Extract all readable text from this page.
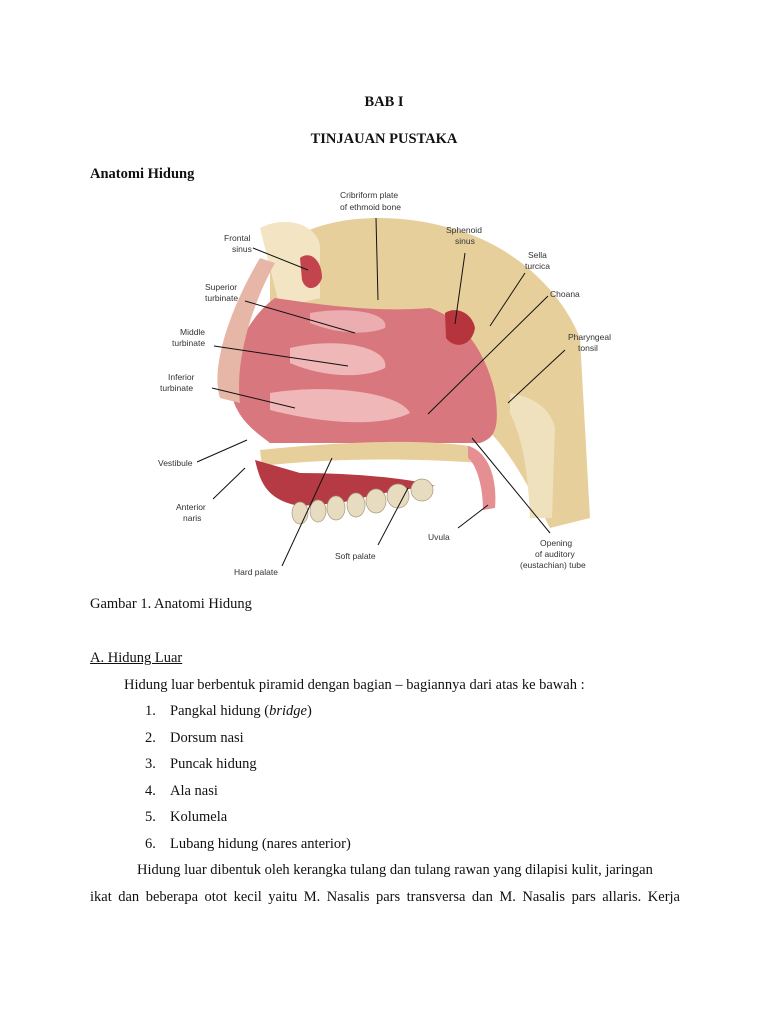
BAB I
TINJAUAN PUSTAKA
Anatomi Hidung
Cribriform plate of ethmoid bone
Frontal sinus
Sphenoid sinus
Sella turcica
Choana
Superior turbinate
Pharyngeal tonsil
Middle turbinate
Inferior turbinate
Vestibule
Anterior naris
Uvula
Opening of auditory (eustachian) tube
Soft palate
Hard palate
Gambar 1. Anatomi Hidung
A. Hidung Luar
Hidung luar berbentuk piramid dengan bagian – bagiannya dari atas ke bawah :
1. Pangkal hidung (bridge)
2. Dorsum nasi
3. Puncak hidung
4. Ala nasi
5. Kolumela
6. Lubang hidung (nares anterior)
Hidung luar dibentuk oleh kerangka tulang dan tulang rawan yang dilapisi kulit, jaringan
ikat dan beberapa otot kecil yaitu M. Nasalis pars transversa dan M. Nasalis pars allaris. Kerja
